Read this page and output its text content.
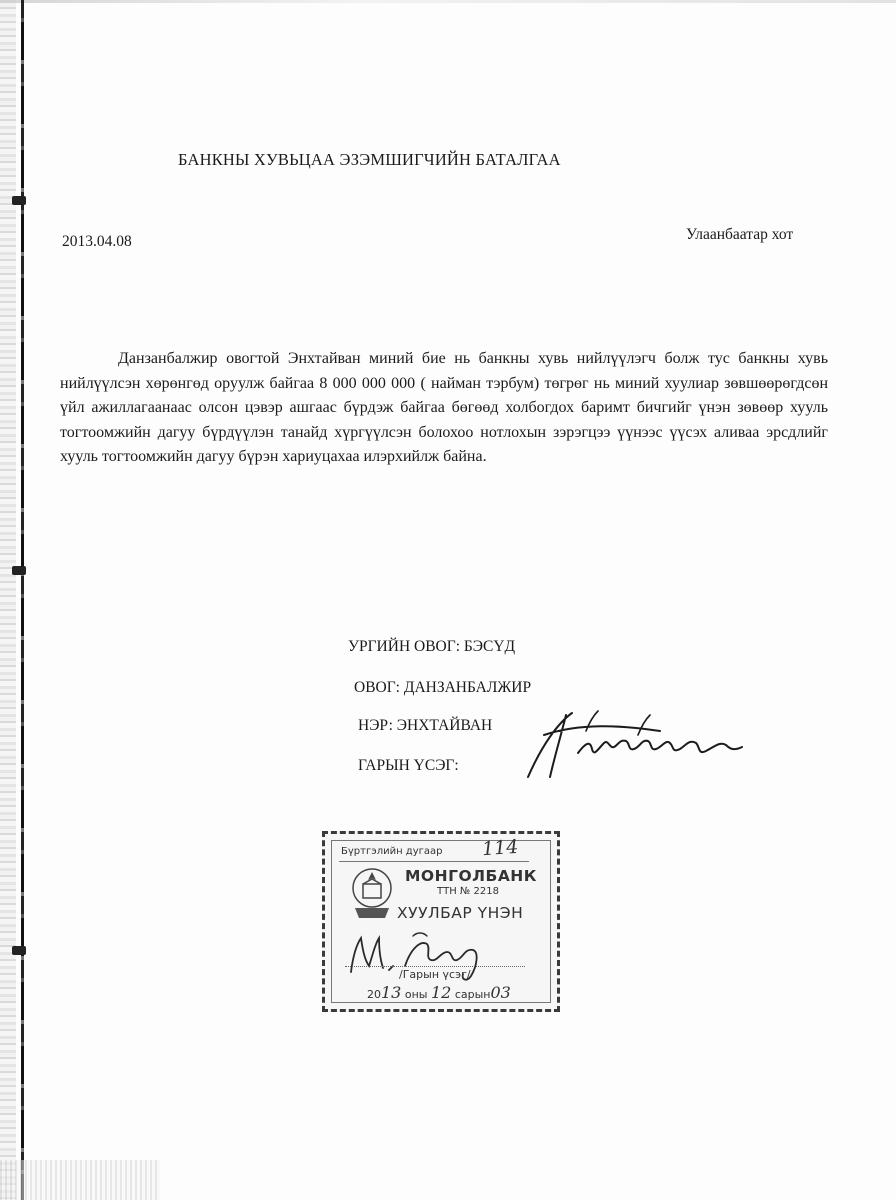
БАНКНЫ ХУВЬЦАА ЭЗЭМШИГЧИЙН БАТАЛГАА
2013.04.08	Улаанбаатар хот

Данзанбалжир овогтой Энхтайван миний бие нь банкны хувь нийлүүлэгч болж тус банкны хувь нийлүүлсэн хөрөнгөд оруулж байгаа 8 000 000 000 ( найман тэрбум) төгрөг нь миний хуулиар зөвшөөрөгдсөн үйл ажиллагаанаас олсон цэвэр ашгаас бүрдэж байгаа бөгөөд холбогдох баримт бичгийг үнэн зөвөөр хууль тогтоомжийн дагуу бүрдүүлэн танайд хүргүүлсэн болохоо нотлохын зэрэгцээ үүнээс үүсэх аливаа эрсдлийг хууль тогтоомжийн дагуу бүрэн хариуцахаа илэрхийлж байна.

УРГИЙН ОВОГ: БЭСҮД
ОВОГ: ДАНЗАНБАЛЖИР
НЭР: ЭНХТАЙВАН
ГАРЫН ҮСЭГ:
Бүртгэлийн дугаар 114
МОНГОЛБАНК
ТТН № 2218
ХУУЛБАР ҮНЭН
/Гарын үсэг/
2013 оны 12 сарын03
